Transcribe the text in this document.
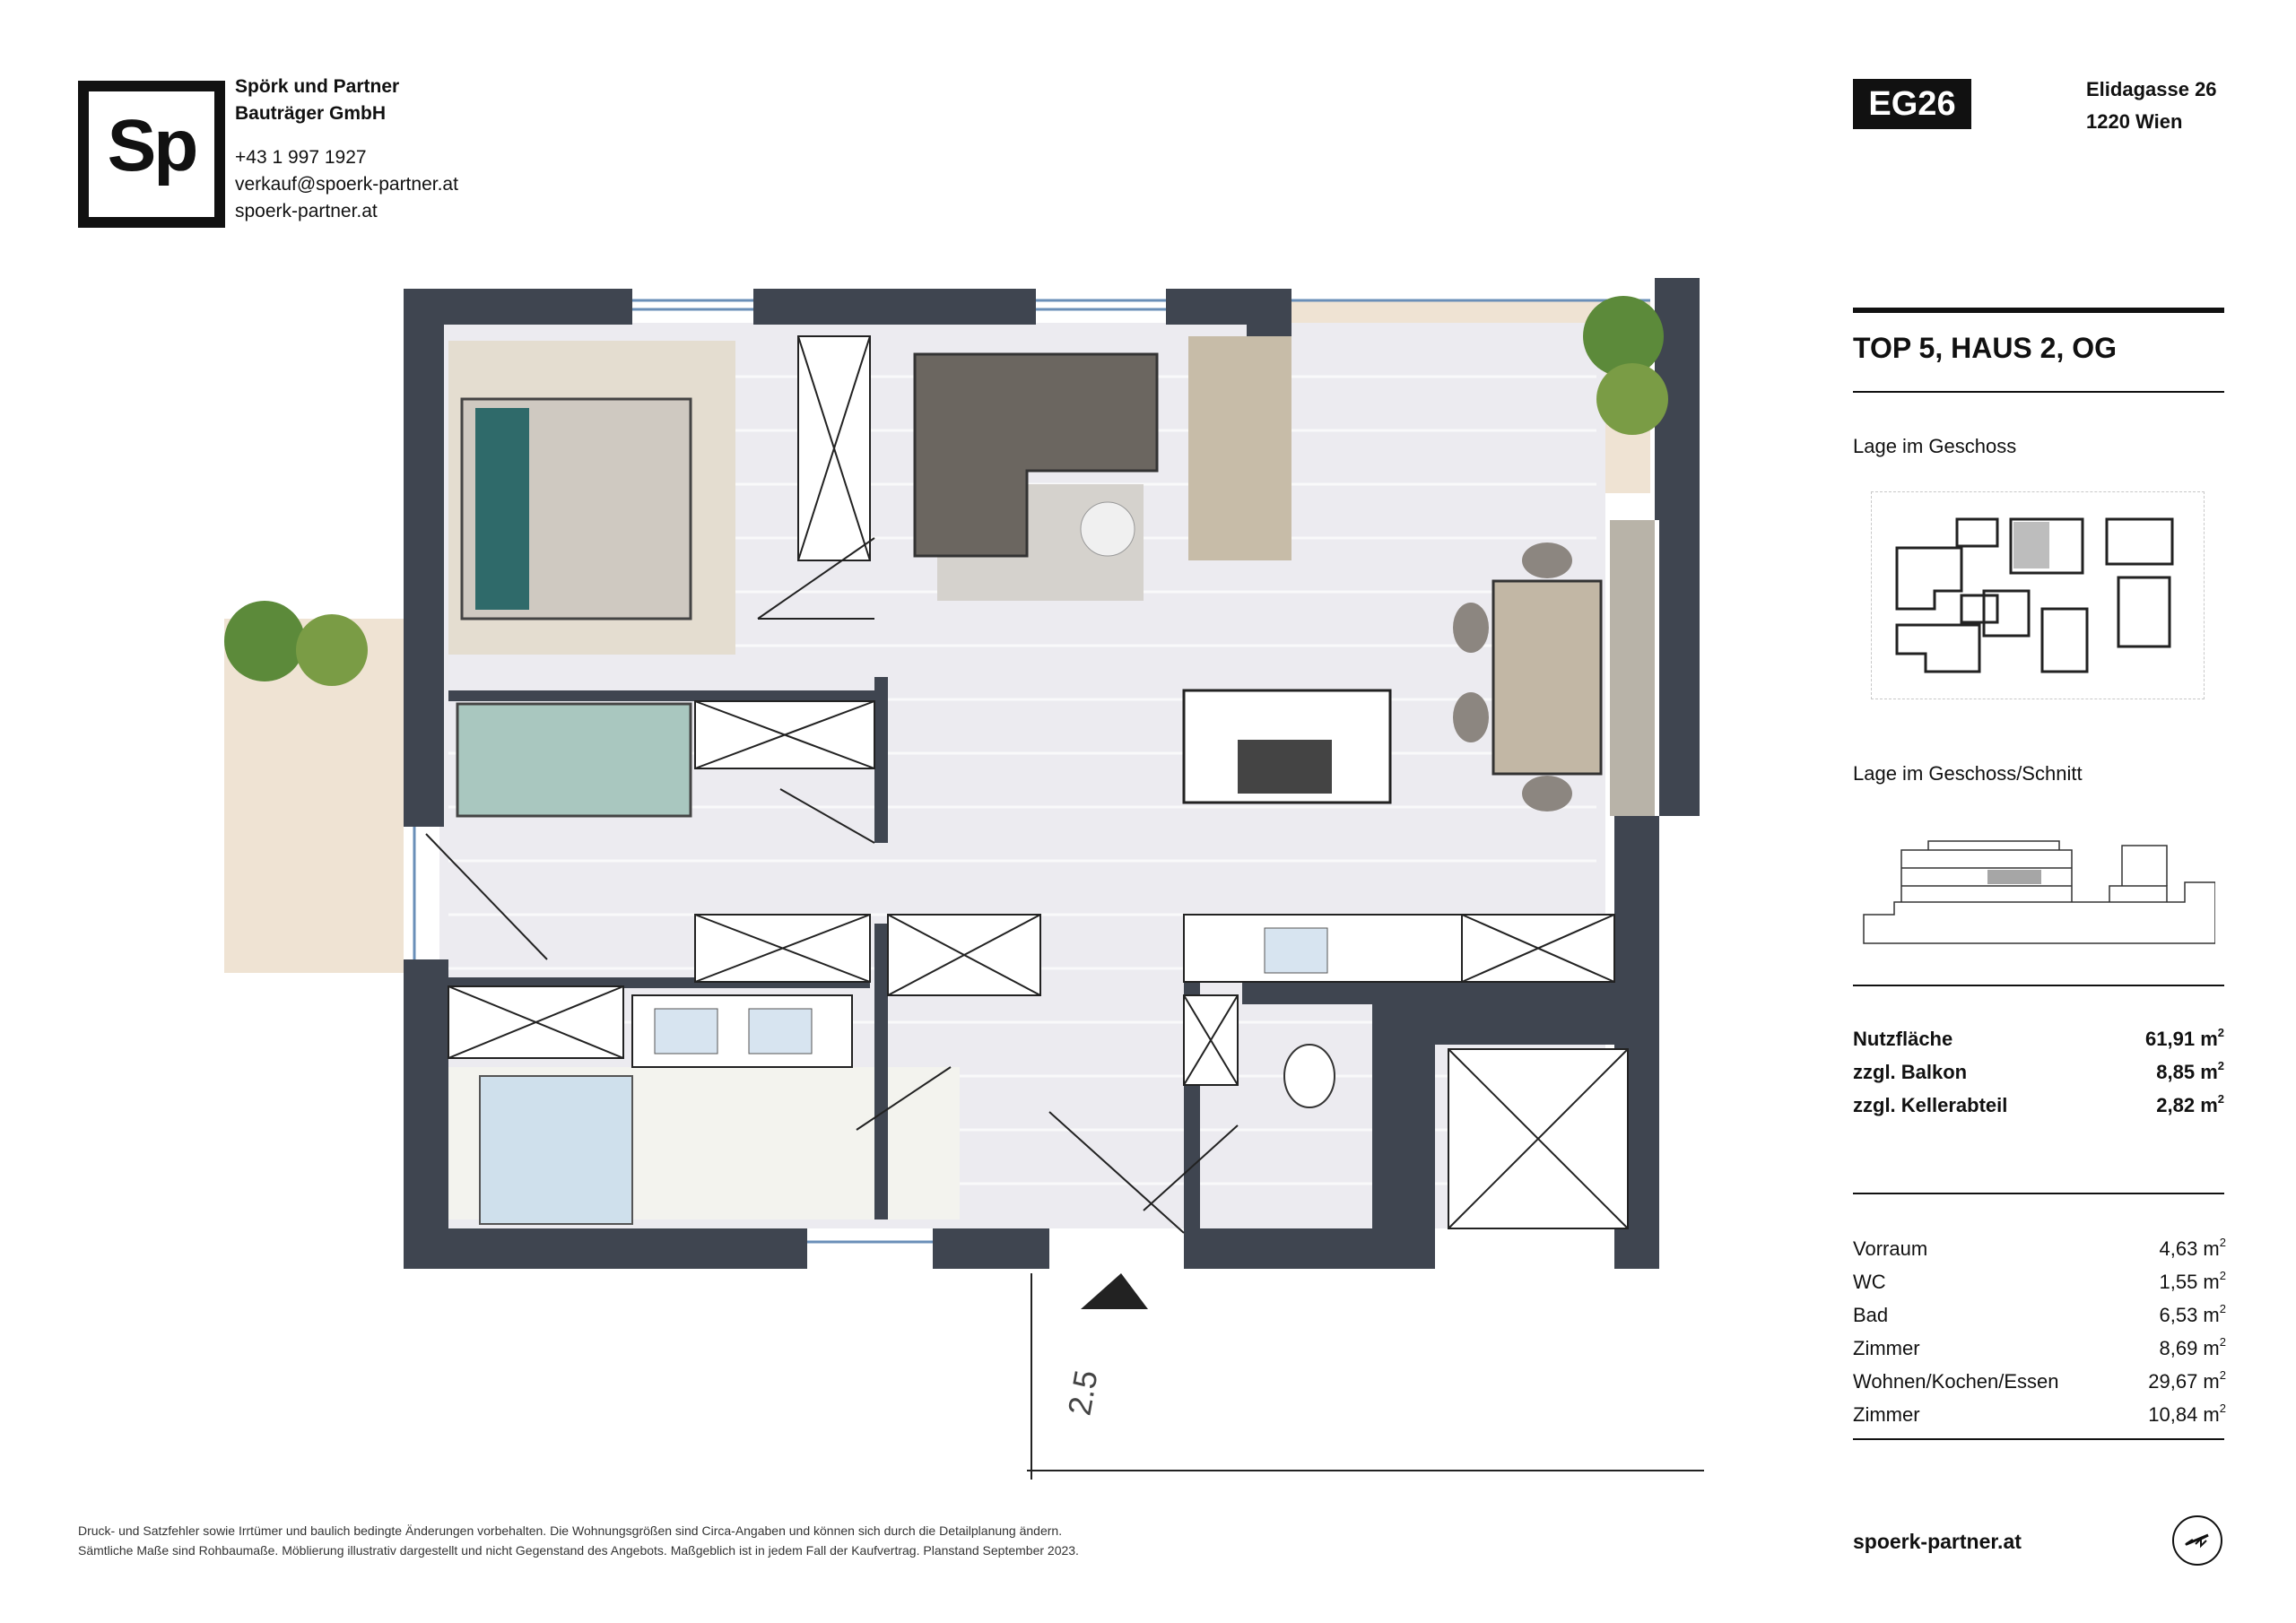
Sp
Spörk und Partner
Bauträger GmbH
+43 1 997 1927
verkauf@spoerk-partner.at
spoerk-partner.at
EG26	Elidagasse 26
1220 Wien
TOP 5, HAUS 2, OG
Lage im Geschoss
Lage im Geschoss/Schnitt
Nutzfläche	61,91 $m^2$
zzgl. Balkon	8,85 $m^2$
zzgl. Kellerabteil	2,82 $m^2$
Vorraum	4,63 $m^2$
WC	1,55 $m^2$
Bad	6,53 $m^2$
Zimmer	8,69 $m^2$
Wohnen/Kochen/Essen	29,67 $m^2$
Zimmer	10,84 $m^2$
2.5
Druck- und Satzfehler sowie Irrtümer und baulich bedingte Änderungen vorbehalten. Die Wohnungsgrößen sind Circa-Angaben und können sich durch die Detailplanung ändern.
Sämtliche Maße sind Rohbaumaße. Möblierung illustrativ dargestellt und nicht Gegenstand des Angebots. Maßgeblich ist in jedem Fall der Kaufvertrag. Planstand September 2023.	spoerk-partner.at
